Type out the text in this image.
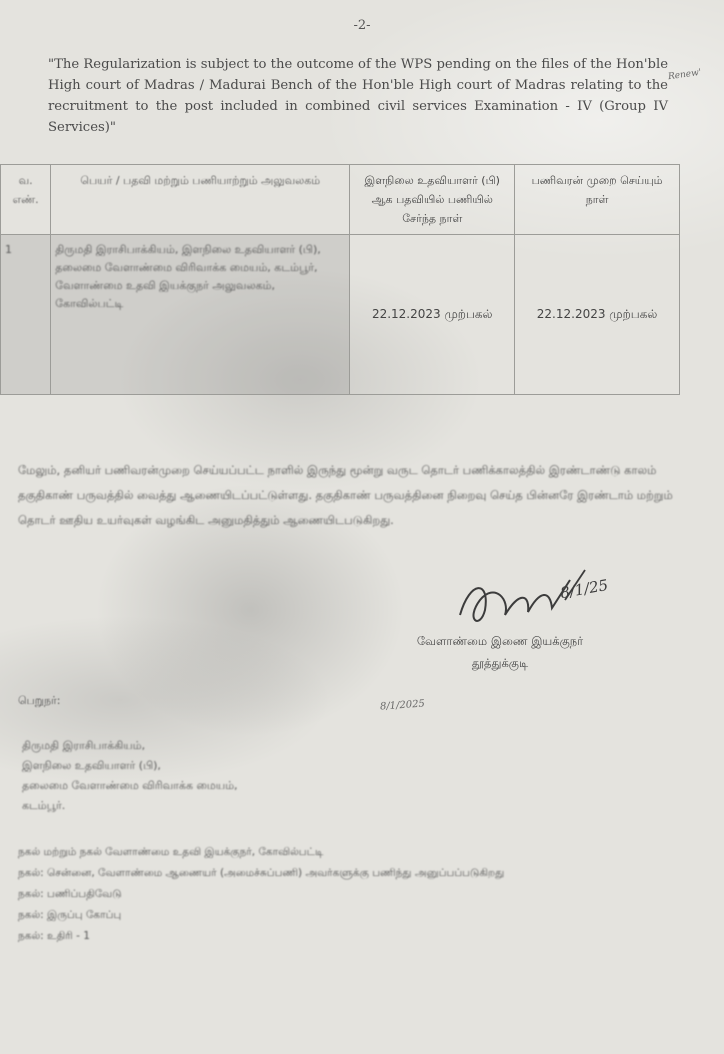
-2-
"The Regularization is subject to the outcome of the WPS pending on the files of the Hon'ble High court of Madras / Madurai Bench of the Hon'ble High court of Madras relating to the recruitment to the post included in combined civil services Examination - IV (Group IV Services)"
Renew'
வ. எண்.	பெயர் / பதவி மற்றும் பணியாற்றும் அலுவலகம்	இளநிலை உதவியாளர் (பி) ஆக பதவியில் பணியில் சேர்ந்த நாள்	பணிவரன் முறை செய்யும் நாள்

1	திருமதி இராசிபாக்கியம், இளநிலை உதவியாளர் (பி), தலைமை வேளாண்மை விரிவாக்க மையம், கடம்பூர், வேளாண்மை உதவி இயக்குநர் அலுவலகம், கோவில்பட்டி	22.12.2023 முற்பகல்	22.12.2023 முற்பகல்
மேலும், தனியர் பணிவரன்முறை செய்யப்பட்ட நாளில் இருந்து மூன்று வருட தொடர் பணிக்காலத்தில் இரண்டாண்டு காலம் தகுதிகாண் பருவத்தில் வைத்து ஆணையிடப்பட்டுள்ளது. தகுதிகாண் பருவத்தினை நிறைவு செய்த பின்னரே இரண்டாம் மற்றும் தொடர் ஊதிய உயர்வுகள் வழங்கிட அனுமதித்தும் ஆணையிடபடுகிறது.
8/1/25
வேளாண்மை இணை இயக்குநர்
தூத்துக்குடி
பெறுநர்:	8/1/2025
திருமதி இராசிபாக்கியம்,
இளநிலை உதவியாளர் (பி),
தலைமை வேளாண்மை விரிவாக்க மையம்,
கடம்பூர்.
நகல் மற்றும் நகல் வேளாண்மை உதவி இயக்குநர், கோவில்பட்டி
நகல்: சென்னை, வேளாண்மை ஆணையர் (அமைச்சுப்பணி) அவர்களுக்கு பணிந்து அனுப்பப்படுகிறது
நகல்: பணிப்பதிவேடு
நகல்: இருப்பு கோப்பு
நகல்: உதிரி - 1
